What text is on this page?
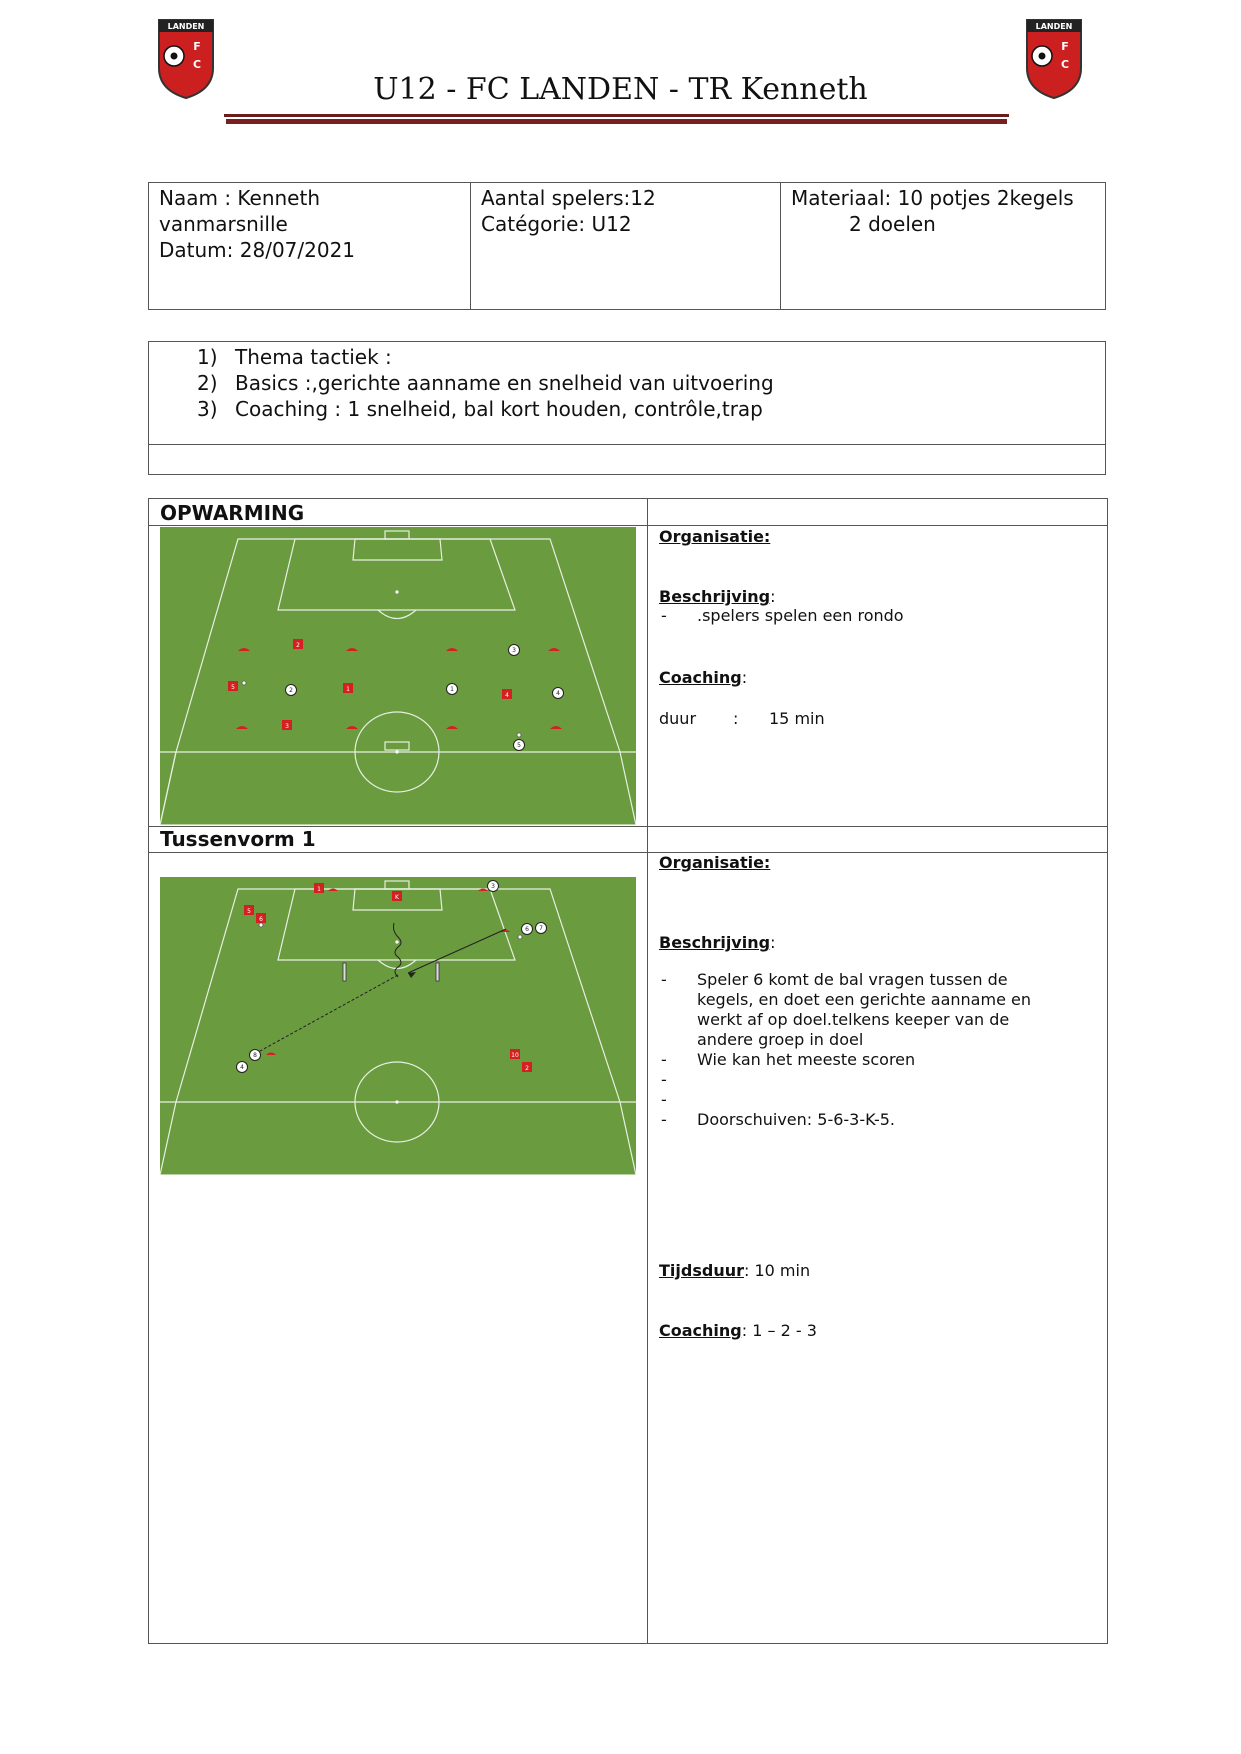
LANDEN
F
C
LANDEN
F
C
U12 - FC LANDEN - TR Kenneth
Naam : Kenneth
vanmarsnille
Datum: 28/07/2021
Aantal spelers:12
Catégorie: U12
Materiaal: 10 potjes 2kegels
2 doelen
1) Thema tactiek :
2) Basics :,gerichte aanname en snelheid van uitvoering
3) Coaching : 1 snelheid, bal kort houden, contrôle,trap
OPWARMING
Tussenvorm 1
2
5	1
4
3
3
2	1
4
5
1
K
5
6
10
2
3
6 7
8
4
Organisatie:
Beschrijving:
-	.spelers spelen een rondo
Coaching:
duur : 15 min
Organisatie:
Beschrijving:
-	Speler 6 komt de bal vragen tussen de kegels, en doet een gerichte aanname en werkt af op doel.telkens keeper van de andere groep in doel
-	Wie kan het meeste scoren
-
-
-	Doorschuiven: 5-6-3-K-5.
Tijdsduur: 10 min
Coaching: 1 – 2 - 3
